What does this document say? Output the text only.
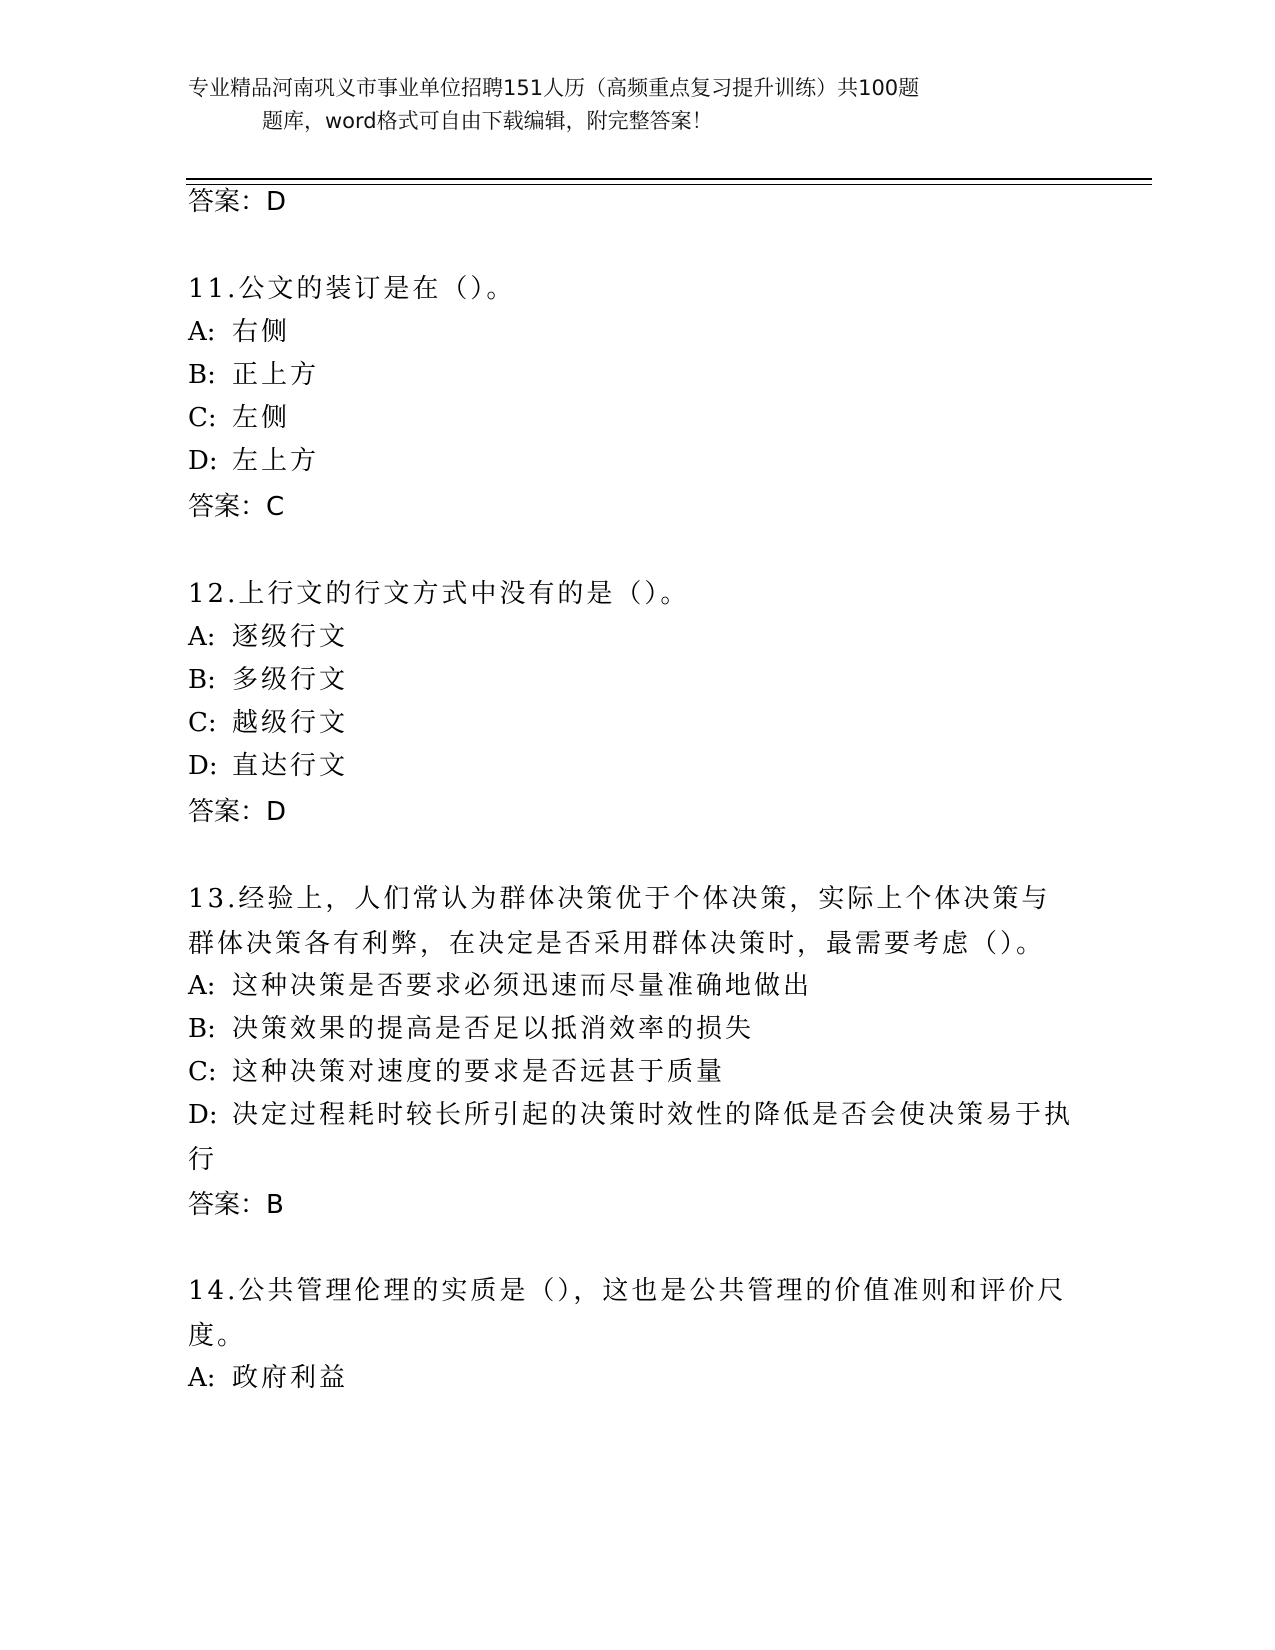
专业精品河南巩义市事业单位招聘151人历（高频重点复习提升训练）共100题
题库，word格式可自由下载编辑，附完整答案！
答案：D
11.公文的装订是在（）。
A: 右侧
B: 正上方
C: 左侧
D: 左上方
答案：C
12.上行文的行文方式中没有的是（）。
A: 逐级行文
B: 多级行文
C: 越级行文
D: 直达行文
答案：D
13.经验上，人们常认为群体决策优于个体决策，实际上个体决策与群体决策各有利弊，在决定是否采用群体决策时，最需要考虑（）。
A: 这种决策是否要求必须迅速而尽量准确地做出
B: 决策效果的提高是否足以抵消效率的损失
C: 这种决策对速度的要求是否远甚于质量
D: 决定过程耗时较长所引起的决策时效性的降低是否会使决策易于执行
答案：B
14.公共管理伦理的实质是（），这也是公共管理的价值准则和评价尺度。
A: 政府利益
